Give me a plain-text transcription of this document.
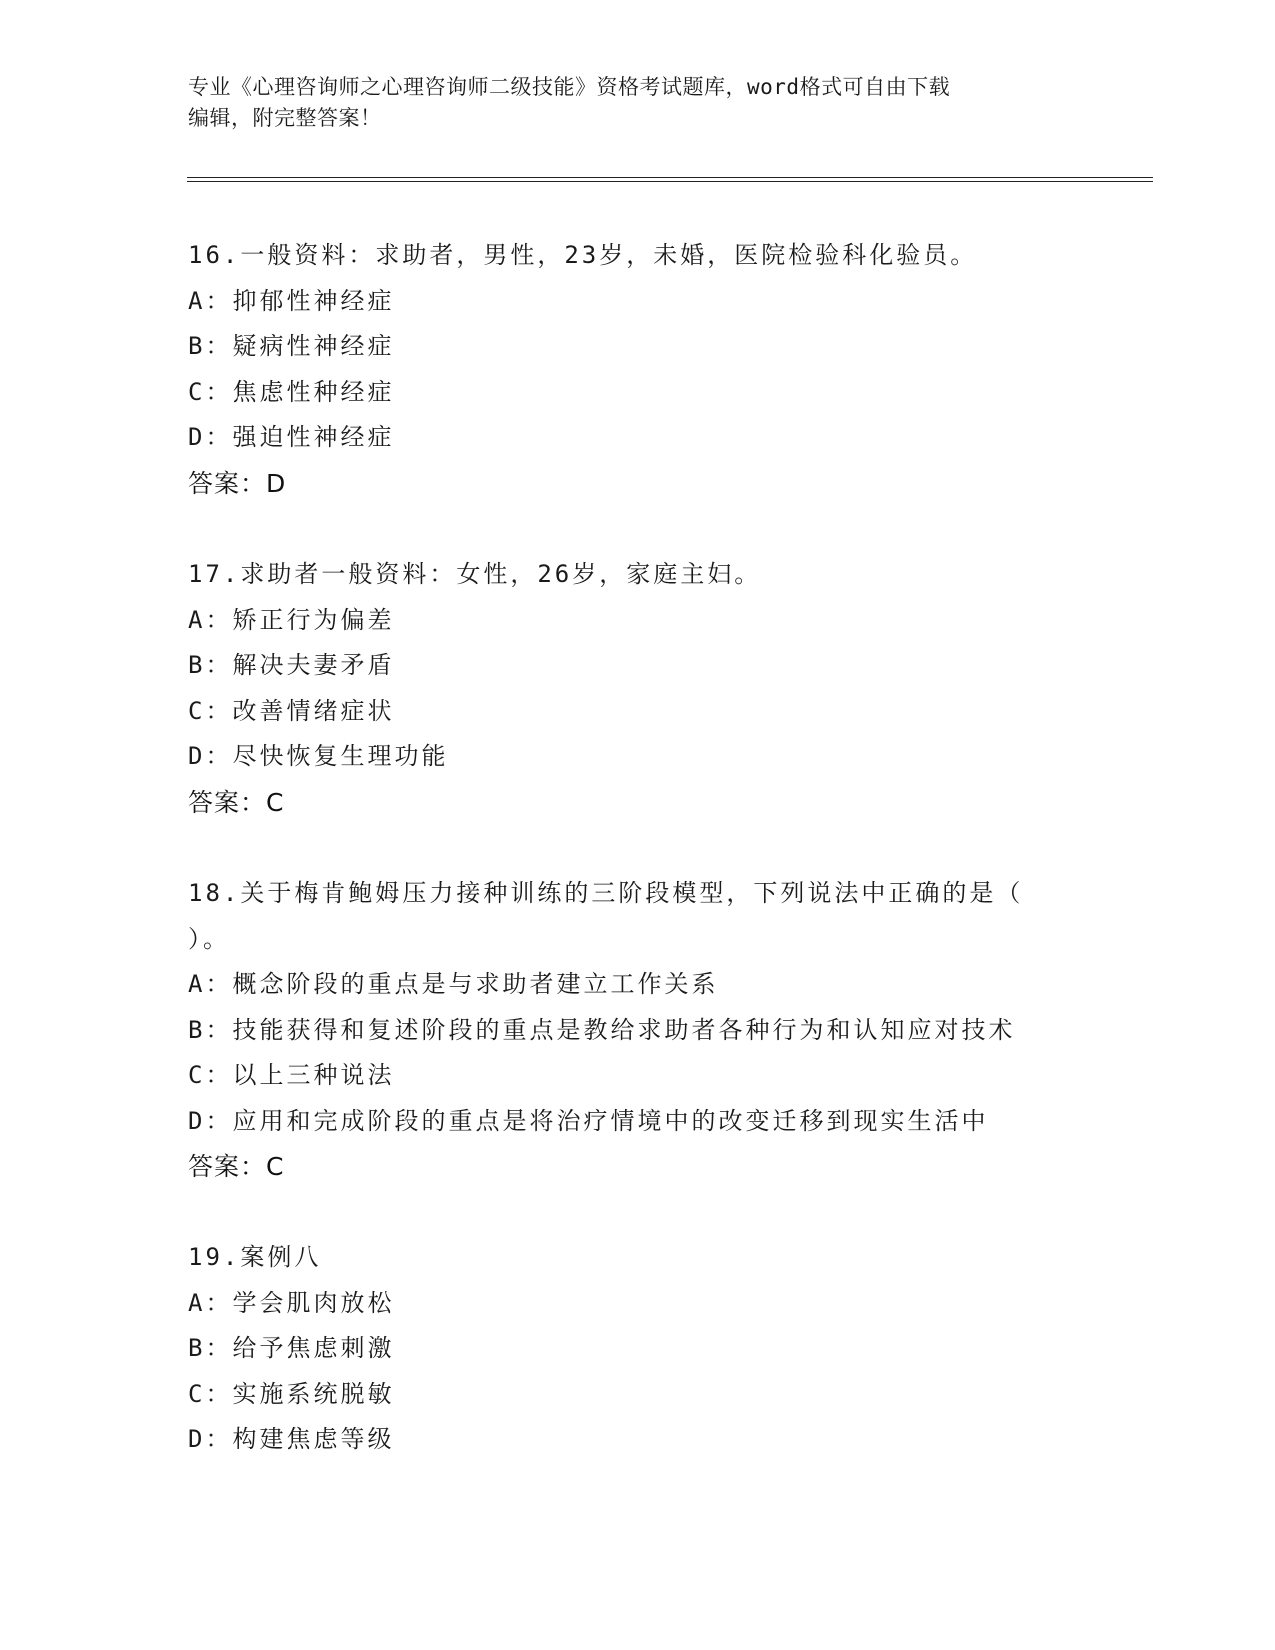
专业《心理咨询师之心理咨询师二级技能》资格考试题库，word格式可自由下载
编辑，附完整答案！
16.一般资料：求助者，男性，23岁，未婚，医院检验科化验员。
A：抑郁性神经症
B：疑病性神经症
C：焦虑性种经症
D：强迫性神经症
答案：D
17.求助者一般资料：女性，26岁，家庭主妇。
A：矫正行为偏差
B：解决夫妻矛盾
C：改善情绪症状
D：尽快恢复生理功能
答案：C
18.关于梅肯鲍姆压力接种训练的三阶段模型，下列说法中正确的是（
）。
A：概念阶段的重点是与求助者建立工作关系
B：技能获得和复述阶段的重点是教给求助者各种行为和认知应对技术
C：以上三种说法
D：应用和完成阶段的重点是将治疗情境中的改变迁移到现实生活中
答案：C
19.案例八
A：学会肌肉放松
B：给予焦虑刺激
C：实施系统脱敏
D：构建焦虑等级
